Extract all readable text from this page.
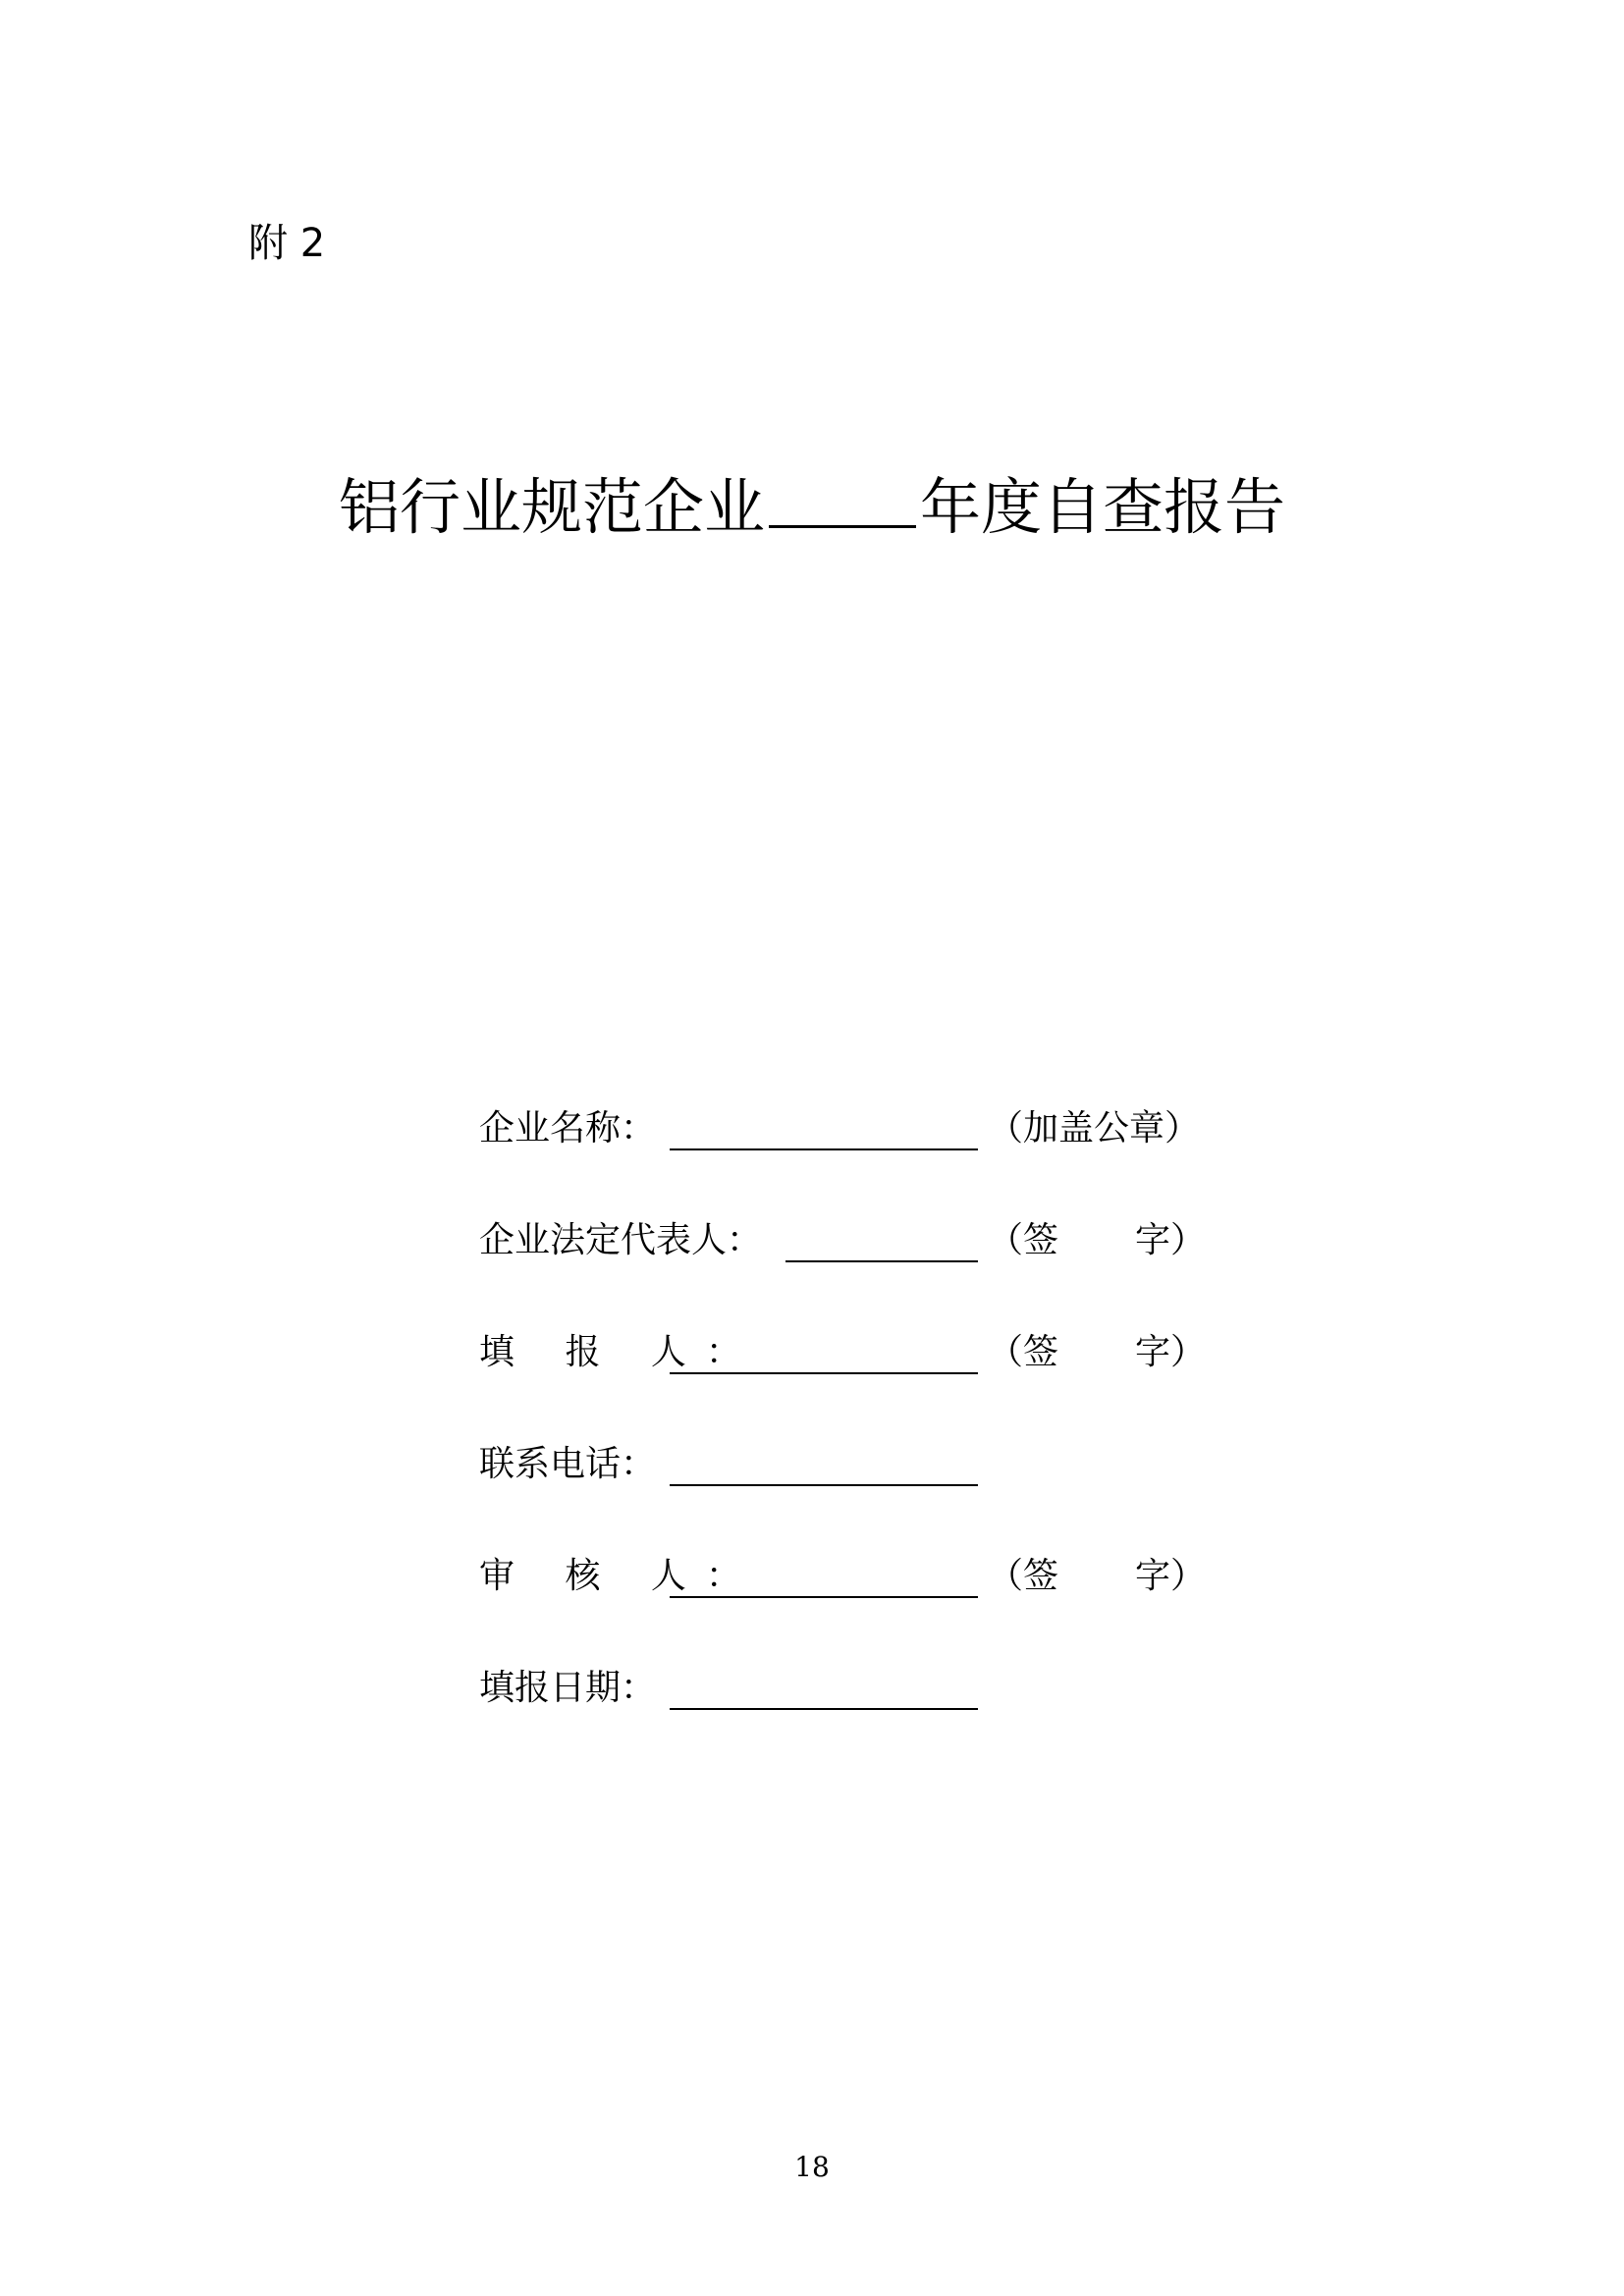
附 2
铝行业规范企业	年度自查报告
企业名称：	（加盖公章）
企业法定代表人：	（签 字）
填 报 人：	（签 字）
联系电话：
审 核 人：	（签 字）
填报日期：
18
